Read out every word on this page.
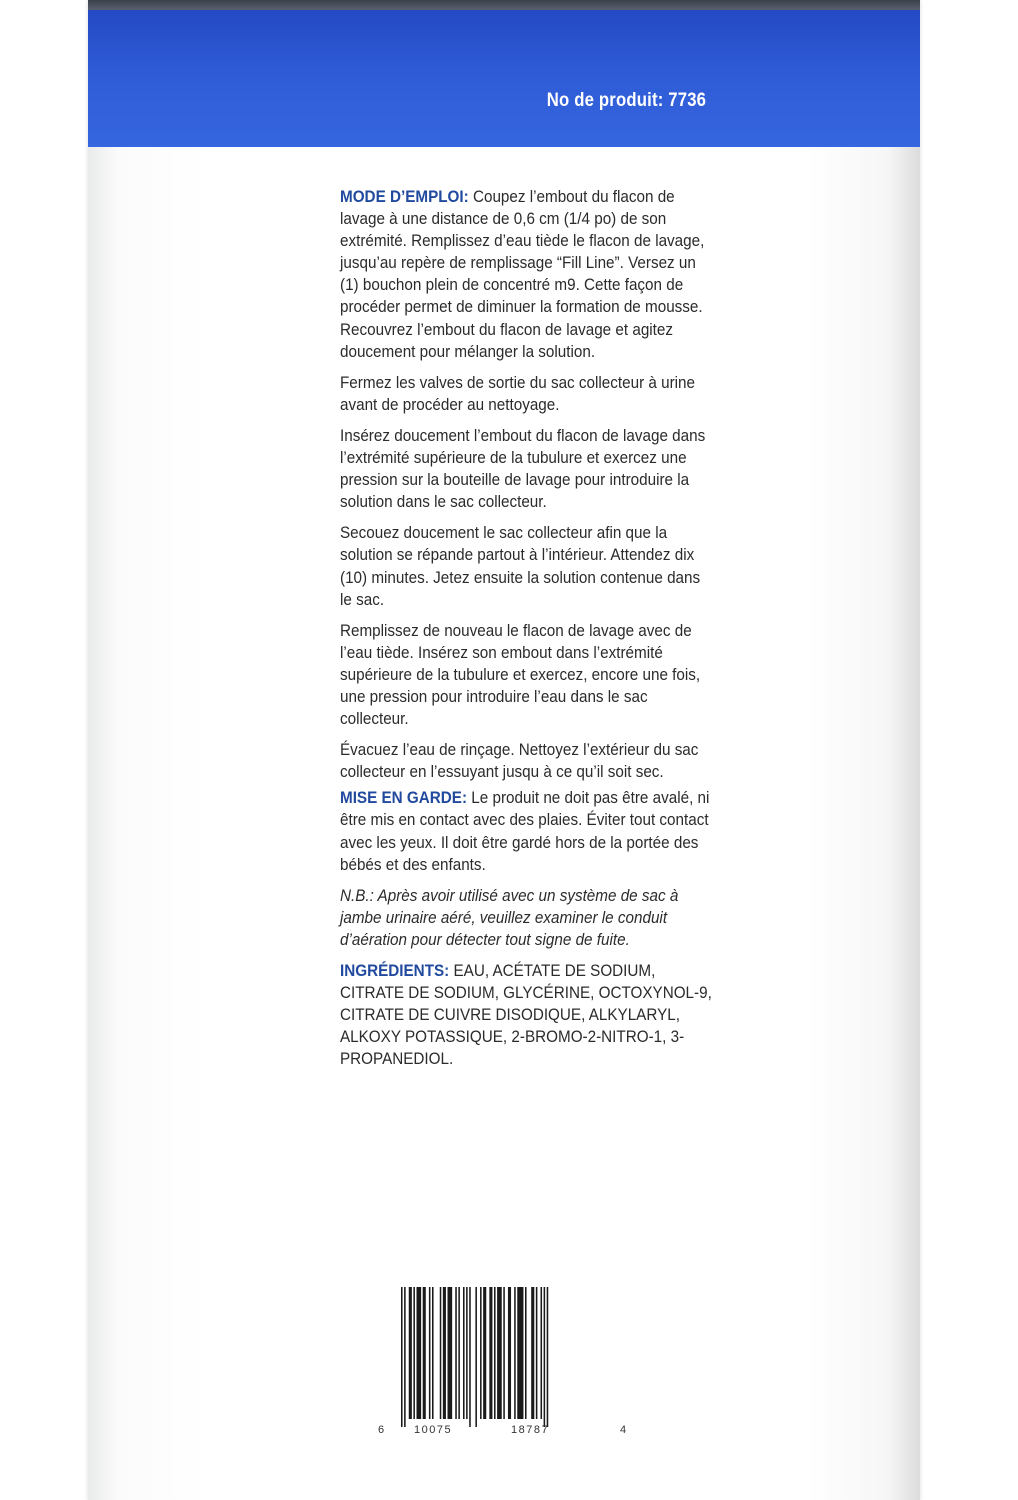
No de produit: 7736

MODE D’EMPLOI: Coupez l’embout du flacon de lavage à une distance de 0,6 cm (1/4 po) de son extrémité. Remplissez d’eau tiède le flacon de lavage, jusqu’au repère de remplissage “Fill Line”. Versez un (1) bouchon plein de concentré m9. Cette façon de procéder permet de diminuer la formation de mousse. Recouvrez l’embout du flacon de lavage et agitez doucement pour mélanger la solution.

Fermez les valves de sortie du sac collecteur à urine avant de procéder au nettoyage.

Insérez doucement l’embout du flacon de lavage dans l’extrémité supérieure de la tubulure et exercez une pression sur la bouteille de lavage pour introduire la solution dans le sac collecteur.

Secouez doucement le sac collecteur afin que la solution se répande partout à l’intérieur. Attendez dix (10) minutes. Jetez ensuite la solution contenue dans le sac.

Remplissez de nouveau le flacon de lavage avec de l’eau tiède. Insérez son embout dans l’extrémité supérieure de la tubulure et exercez, encore une fois, une pression pour introduire l’eau dans le sac collecteur.

Évacuez l’eau de rinçage. Nettoyez l’extérieur du sac collecteur en l’essuyant jusqu à ce qu’il soit sec.

MISE EN GARDE: Le produit ne doit pas être avalé, ni être mis en contact avec des plaies. Éviter tout contact avec les yeux. Il doit être gardé hors de la portée des bébés et des enfants.

N.B.: Après avoir utilisé avec un système de sac à jambe urinaire aéré, veuillez examiner le conduit d’aération pour détecter tout signe de fuite.

INGRÉDIENTS: EAU, ACÉTATE DE SODIUM, CITRATE DE SODIUM, GLYCÉRINE, OCTOXYNOL-9, CITRATE DE CUIVRE DISODIQUE, ALKYLARYL, ALKOXY POTASSIQUE, 2-BROMO-2-NITRO-1, 3-PROPANEDIOL.

6	10075	18787	4
